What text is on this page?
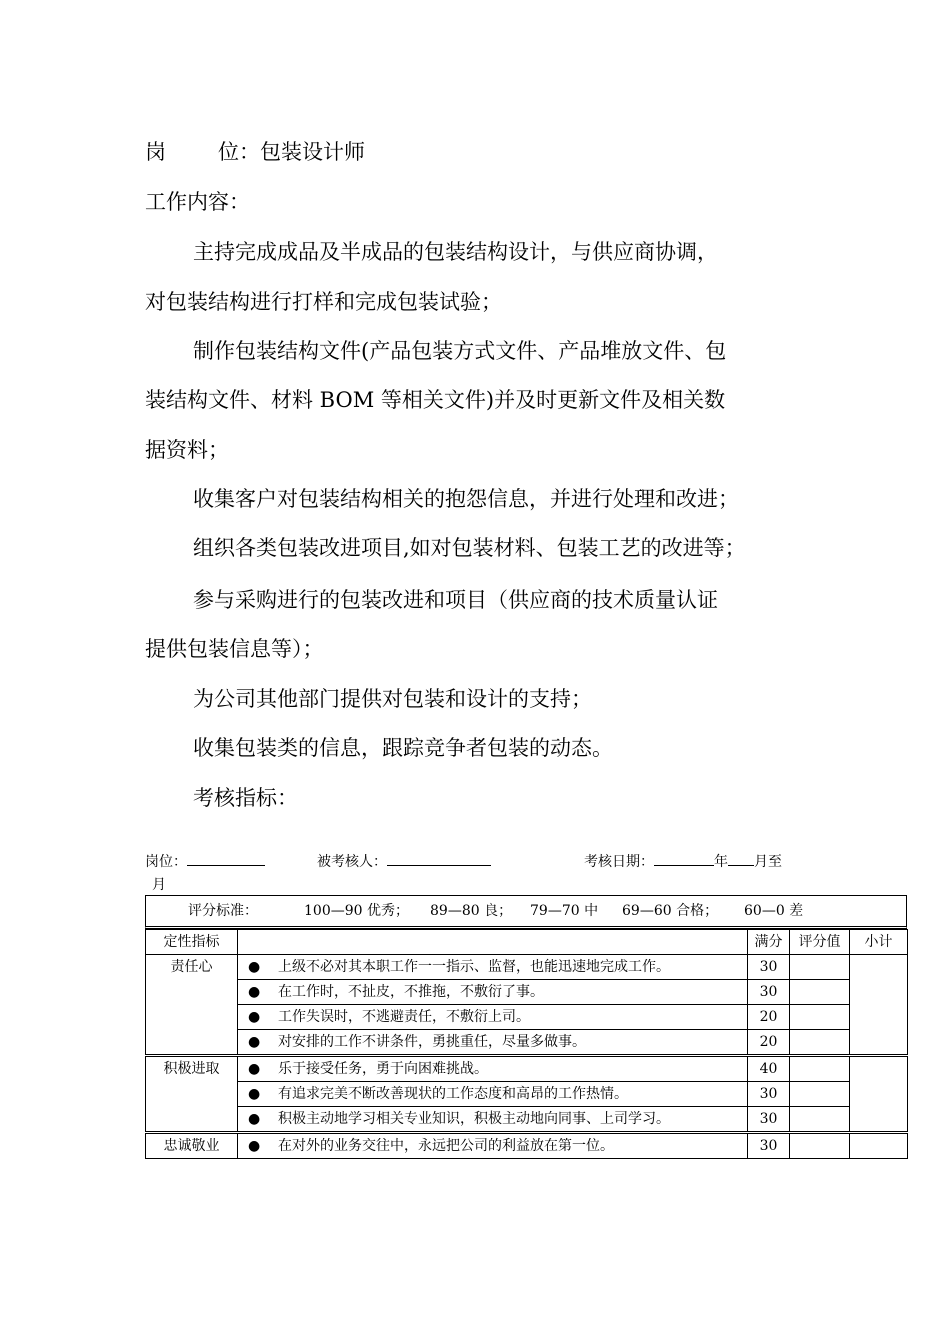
岗 位：包装设计师
工作内容：
主持完成成品及半成品的包装结构设计，与供应商协调，
对包装结构进行打样和完成包装试验；
制作包装结构文件(产品包装方式文件、产品堆放文件、包
装结构文件、材料 BOM 等相关文件)并及时更新文件及相关数
据资料；
收集客户对包装结构相关的抱怨信息，并进行处理和改进；
组织各类包装改进项目,如对包装材料、包装工艺的改进等；
参与采购进行的包装改进和项目（供应商的技术质量认证
提供包装信息等）；
为公司其他部门提供对包装和设计的支持；
收集包装类的信息，跟踪竞争者包装的动态。
考核指标：
岗位：	被考核人：	考核日期：	年 月至
月
评分标准：	100—90 优秀； 89—80 良； 79—70 中 69—60 合格； 60—0 差
定性指标		满分	评分值	小计
责任心	● 上级不必对其本职工作一一指示、监督，也能迅速地完成工作。	30		

	● 在工作时，不扯皮，不推拖，不敷衍了事。	30		

	● 工作失误时，不逃避责任，不敷衍上司。	20		

	● 对安排的工作不讲条件，勇挑重任，尽量多做事。	20		
积极进取	● 乐于接受任务，勇于向困难挑战。	40		

	● 有追求完美不断改善现状的工作态度和高昂的工作热情。	30		

	● 积极主动地学习相关专业知识，积极主动地向同事、上司学习。	30		
忠诚敬业	● 在对外的业务交往中，永远把公司的利益放在第一位。	30		
